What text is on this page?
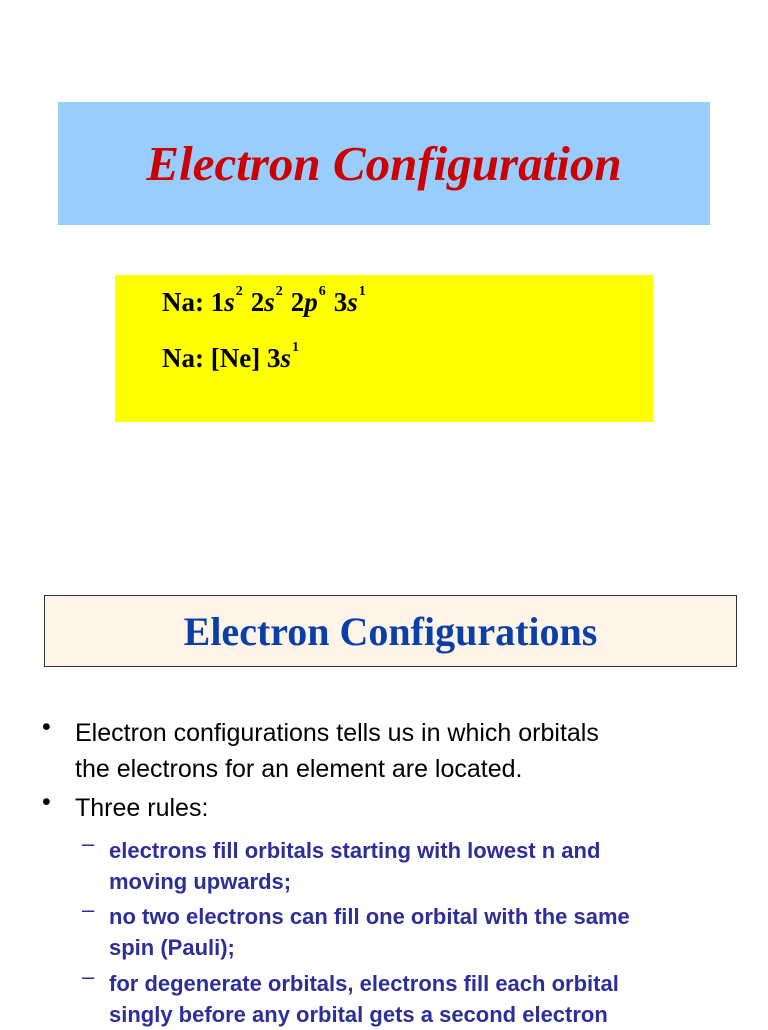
Electron Configuration
Na: $1s^2$ $2s^2$ $2p^6$ $3s^1$
Na: [Ne] $3s^1$
Electron Configurations
• Electron configurations tells us in which orbitals
the electrons for an element are located.
• Three rules:
– electrons fill orbitals starting with lowest n and
moving upwards;
– no two electrons can fill one orbital with the same
spin (Pauli);
– for degenerate orbitals, electrons fill each orbital
singly before any orbital gets a second electron
